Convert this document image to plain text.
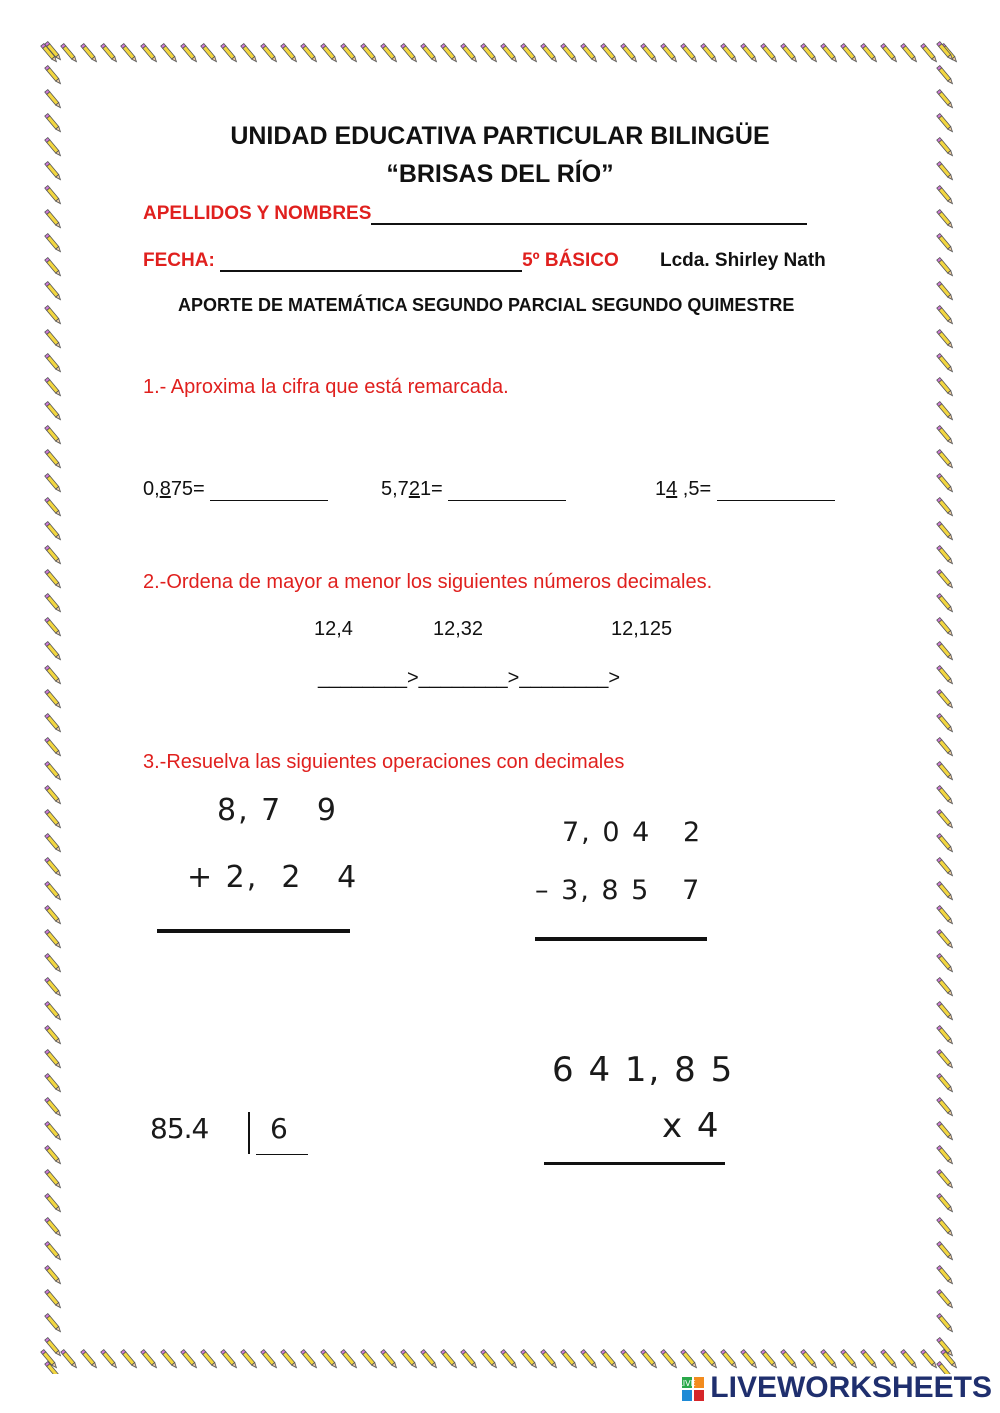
UNIDAD EDUCATIVA PARTICULAR BILINGÜE
“BRISAS DEL RÍO”
APELLIDOS Y NOMBRES
FECHA:	5º BÁSICO Lcda. Shirley Nath
APORTE DE MATEMÁTICA SEGUNDO PARCIAL SEGUNDO QUIMESTRE
1.- Aproxima la cifra que está remarcada.
0,875=	5,721=	14 ,5=
2.-Ordena de mayor a menor los siguientes números decimales.
12,4	12,32	12,125
________>________>________>
3.-Resuelva las siguientes operaciones con decimales
8, 7   9
+ 2,  2   4
7, 0 4   2
– 3, 8 5   7
85.4 6
6 4 1, 8 5
x 4
LIVE LIVEWORKSHEETS
